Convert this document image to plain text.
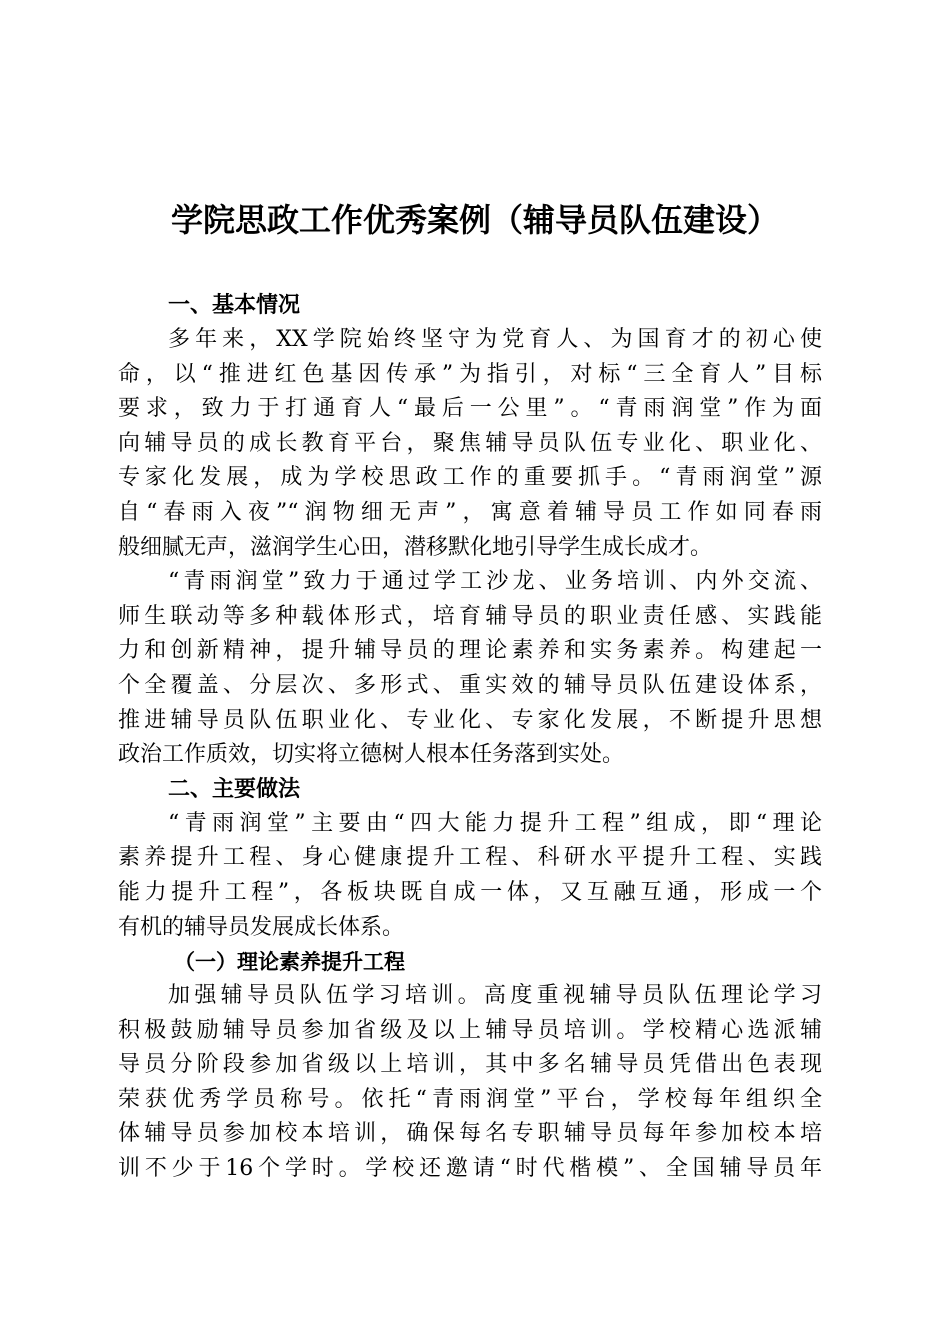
学院思政工作优秀案例（辅导员队伍建设）
一、基本情况
多年来，XX学院始终坚守为党育人、为国育才的初心使
命，以“推进红色基因传承”为指引，对标“三全育人”目标
要求，致力于打通育人“最后一公里”。“青雨润堂”作为面
向辅导员的成长教育平台，聚焦辅导员队伍专业化、职业化、
专家化发展，成为学校思政工作的重要抓手。“青雨润堂”源
自“春雨入夜”“润物细无声”，寓意着辅导员工作如同春雨
般细腻无声，滋润学生心田，潜移默化地引导学生成长成才。
“青雨润堂”致力于通过学工沙龙、业务培训、内外交流、
师生联动等多种载体形式，培育辅导员的职业责任感、实践能
力和创新精神，提升辅导员的理论素养和实务素养。构建起一
个全覆盖、分层次、多形式、重实效的辅导员队伍建设体系，
推进辅导员队伍职业化、专业化、专家化发展，不断提升思想
政治工作质效，切实将立德树人根本任务落到实处。
二、主要做法
“青雨润堂”主要由“四大能力提升工程”组成，即“理论
素养提升工程、身心健康提升工程、科研水平提升工程、实践
能力提升工程”，各板块既自成一体，又互融互通，形成一个
有机的辅导员发展成长体系。
（一）理论素养提升工程
加强辅导员队伍学习培训。高度重视辅导员队伍理论学习
积极鼓励辅导员参加省级及以上辅导员培训。学校精心选派辅
导员分阶段参加省级以上培训，其中多名辅导员凭借出色表现
荣获优秀学员称号。依托“青雨润堂”平台，学校每年组织全
体辅导员参加校本培训，确保每名专职辅导员每年参加校本培
训不少于16个学时。学校还邀请“时代楷模”、全国辅导员年
